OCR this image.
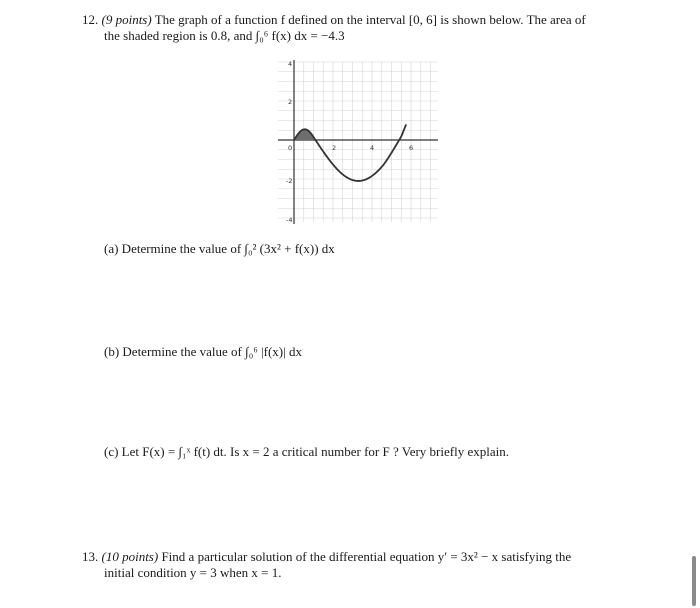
12. (9 points) The graph of a function f defined on the interval [0, 6] is shown below. The area of
the shaded region is 0.8, and ∫₀⁶ f(x) dx = −4.3
0	2	4	6
4
2
-2
-4
(a) Determine the value of ∫₀² (3x² + f(x)) dx
(b) Determine the value of ∫₀⁶ |f(x)| dx
(c) Let F(x) = ∫₁ˣ f(t) dt. Is x = 2 a critical number for F ? Very briefly explain.
13. (10 points) Find a particular solution of the differential equation y′ = 3x² − x satisfying the
initial condition y = 3 when x = 1.
